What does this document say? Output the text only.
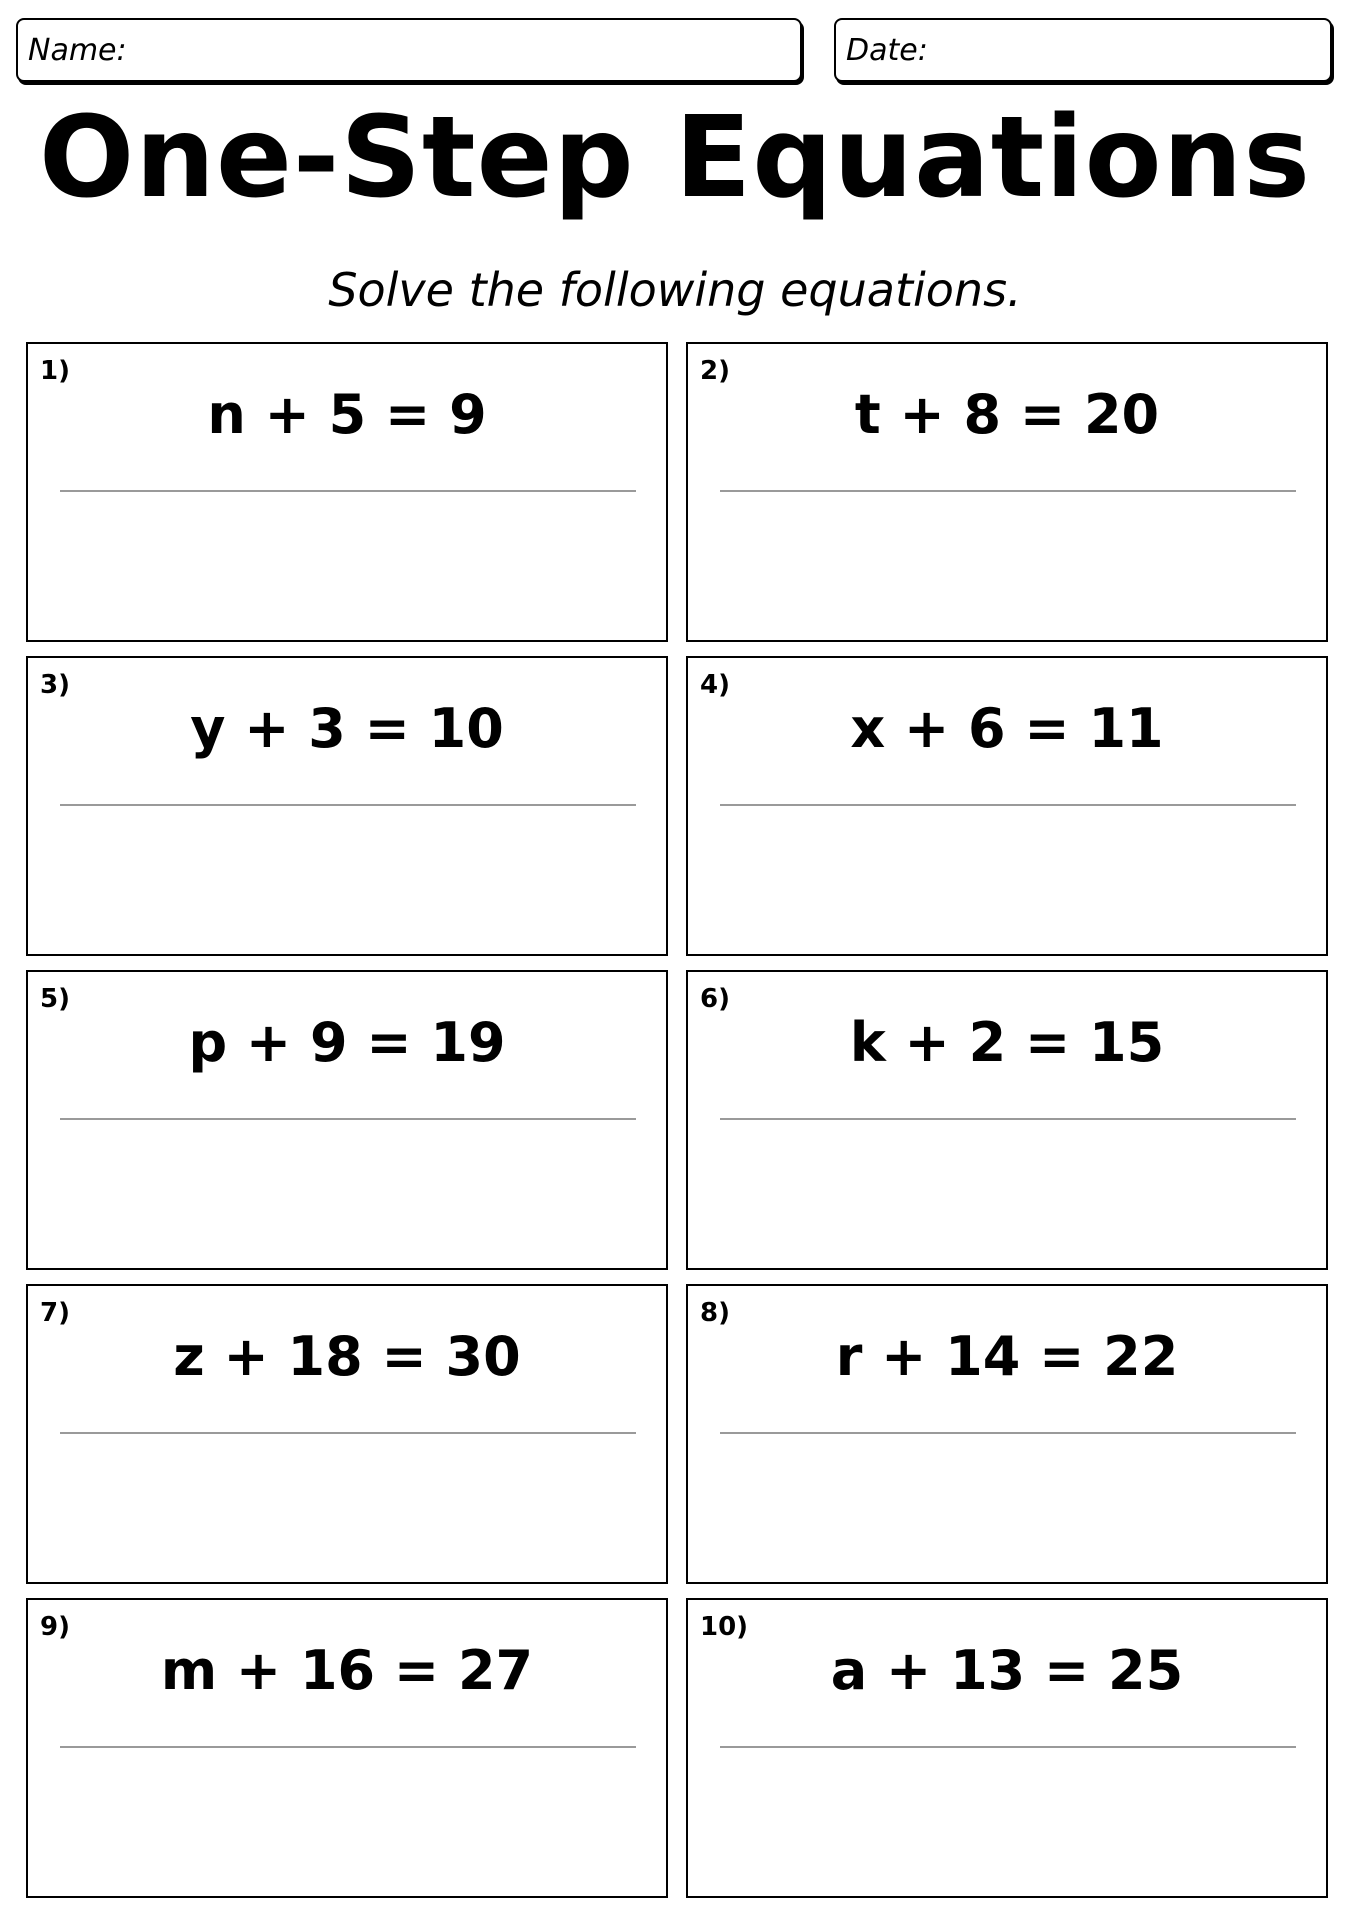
Name:	Date:
One-Step Equations
Solve the following equations.
1)
n + 5 = 9
2)
t + 8 = 20
3)
y + 3 = 10
4)
x + 6 = 11
5)
p + 9 = 19
6)
k + 2 = 15
7)
z + 18 = 30
8)
r + 14 = 22
9)
m + 16 = 27
10)
a + 13 = 25
